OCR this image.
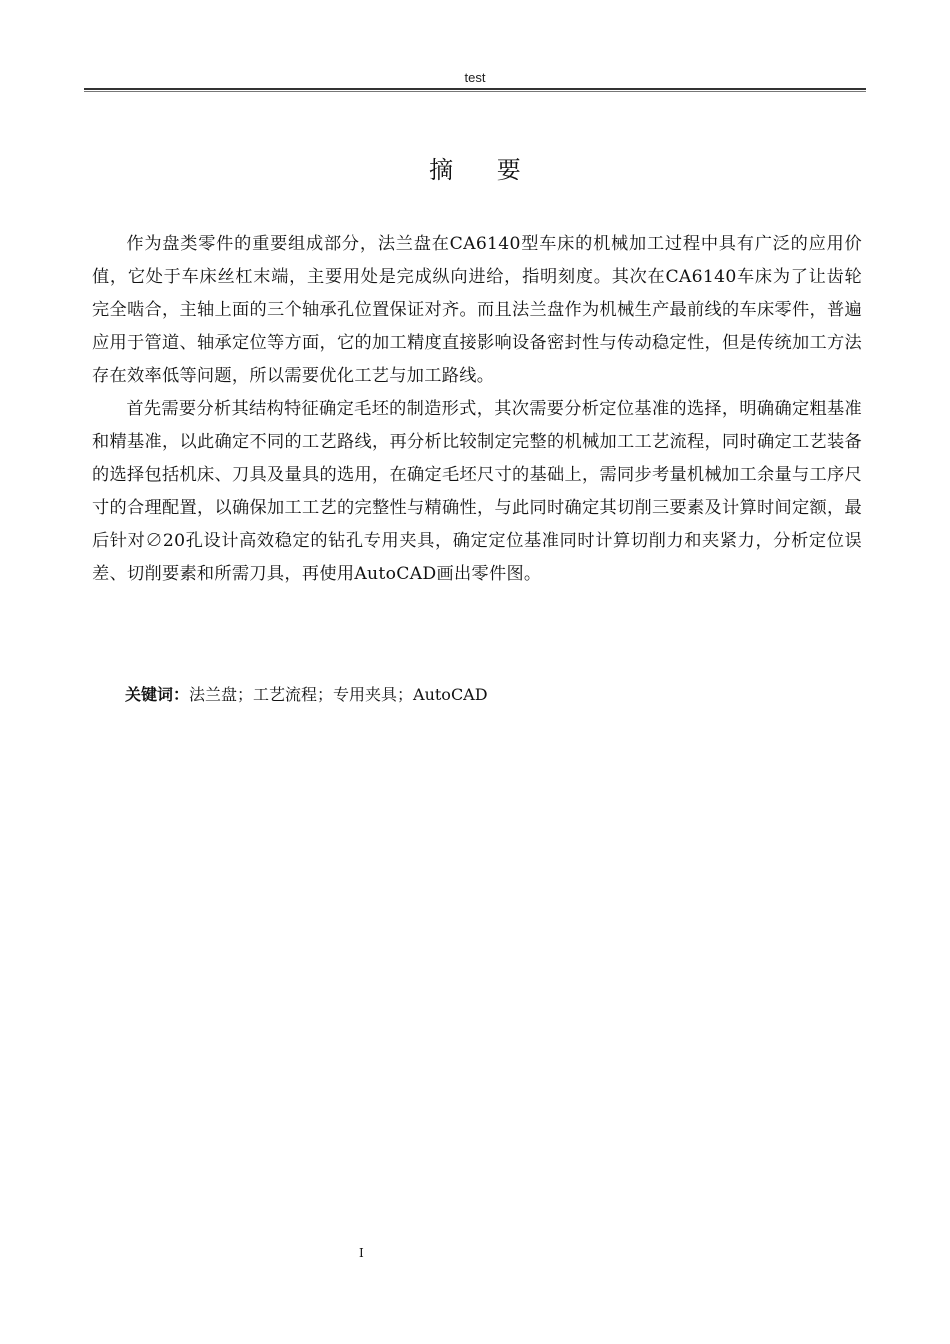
test
摘 要

作为盘类零件的重要组成部分，法兰盘在CA6140型车床的机械加工过程中具有广泛的应用价值，它处于车床丝杠末端，主要用处是完成纵向进给，指明刻度。其次在CA6140车床为了让齿轮完全啮合，主轴上面的三个轴承孔位置保证对齐。而且法兰盘作为机械生产最前线的车床零件，普遍应用于管道、轴承定位等方面，它的加工精度直接影响设备密封性与传动稳定性，但是传统加工方法存在效率低等问题，所以需要优化工艺与加工路线。

首先需要分析其结构特征确定毛坯的制造形式，其次需要分析定位基准的选择，明确确定粗基准和精基准，以此确定不同的工艺路线，再分析比较制定完整的机械加工工艺流程，同时确定工艺装备的选择包括机床、刀具及量具的选用，在确定毛坯尺寸的基础上，需同步考量机械加工余量与工序尺寸的合理配置，以确保加工工艺的完整性与精确性，与此同时确定其切削三要素及计算时间定额，最后针对∅20孔设计高效稳定的钻孔专用夹具，确定定位基准同时计算切削力和夹紧力，分析定位误差、切削要素和所需刀具，再使用AutoCAD画出零件图。

关键词：法兰盘；工艺流程；专用夹具；AutoCAD
I
